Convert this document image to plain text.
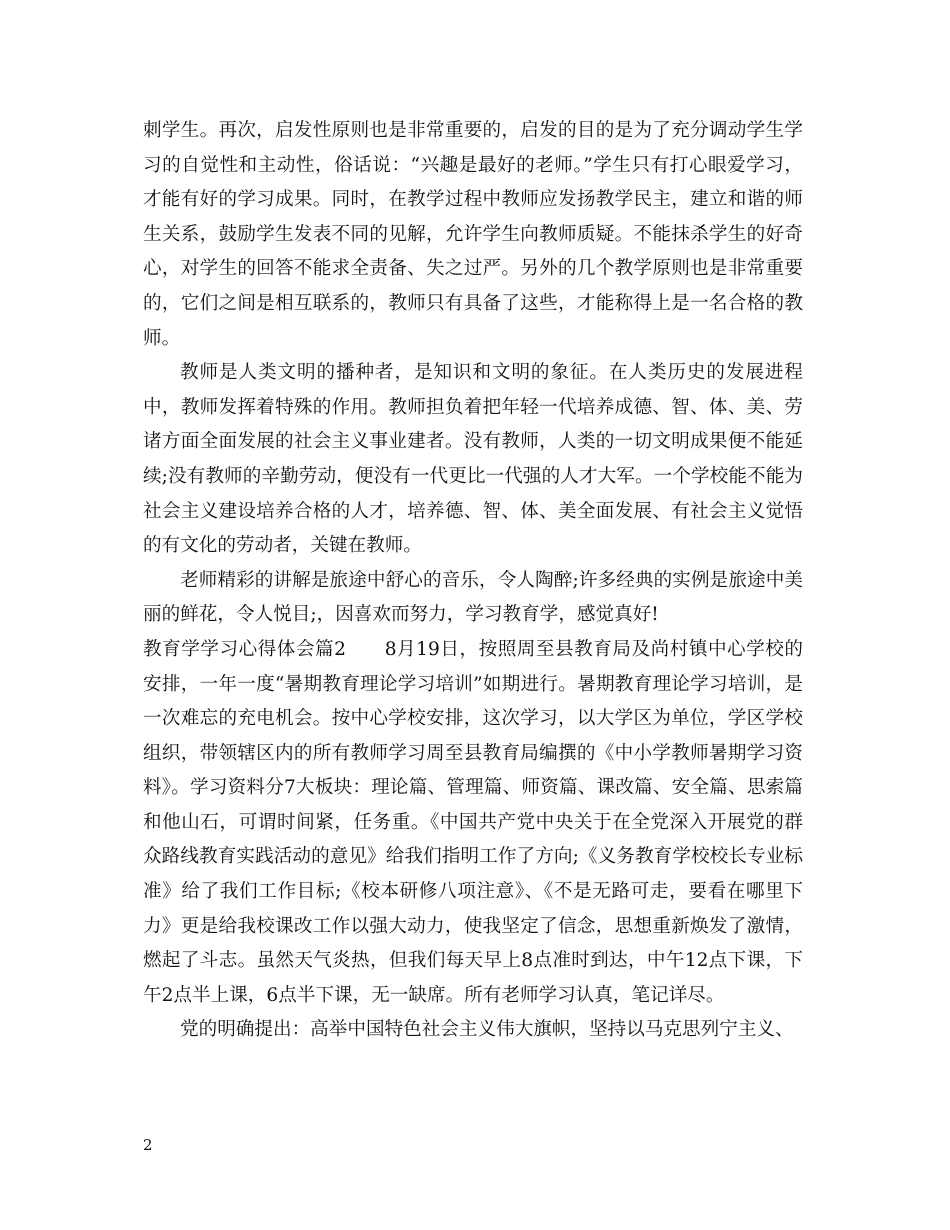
刺学生。再次，启发性原则也是非常重要的，启发的目的是为了充分调动学生学习的自觉性和主动性，俗话说：“兴趣是最好的老师。”学生只有打心眼爱学习，才能有好的学习成果。同时，在教学过程中教师应发扬教学民主，建立和谐的师生关系，鼓励学生发表不同的见解，允许学生向教师质疑。不能抹杀学生的好奇心，对学生的回答不能求全责备、失之过严。另外的几个教学原则也是非常重要的，它们之间是相互联系的，教师只有具备了这些，才能称得上是一名合格的教师。

教师是人类文明的播种者，是知识和文明的象征。在人类历史的发展进程中，教师发挥着特殊的作用。教师担负着把年轻一代培养成德、智、体、美、劳诸方面全面发展的社会主义事业建者。没有教师，人类的一切文明成果便不能延续;没有教师的辛勤劳动，便没有一代更比一代强的人才大军。一个学校能不能为社会主义建设培养合格的人才，培养德、智、体、美全面发展、有社会主义觉悟的有文化的劳动者，关键在教师。

老师精彩的讲解是旅途中舒心的音乐，令人陶醉;许多经典的实例是旅途中美丽的鲜花，令人悦目;，因喜欢而努力，学习教育学，感觉真好!

教育学学习心得体会篇2　　8月19日，按照周至县教育局及尚村镇中心学校的安排，一年一度“暑期教育理论学习培训”如期进行。暑期教育理论学习培训，是一次难忘的充电机会。按中心学校安排，这次学习，以大学区为单位，学区学校组织，带领辖区内的所有教师学习周至县教育局编撰的《中小学教师暑期学习资料》。学习资料分7大板块：理论篇、管理篇、师资篇、课改篇、安全篇、思索篇和他山石，可谓时间紧，任务重。《中国共产党中央关于在全党深入开展党的群众路线教育实践活动的意见》给我们指明工作了方向;《义务教育学校校长专业标准》给了我们工作目标;《校本研修八项注意》、《不是无路可走，要看在哪里下力》更是给我校课改工作以强大动力，使我坚定了信念，思想重新焕发了激情，燃起了斗志。虽然天气炎热，但我们每天早上8点准时到达，中午12点下课，下午2点半上课，6点半下课，无一缺席。所有老师学习认真，笔记详尽。

党的明确提出：高举中国特色社会主义伟大旗帜，坚持以马克思列宁主义、

2
